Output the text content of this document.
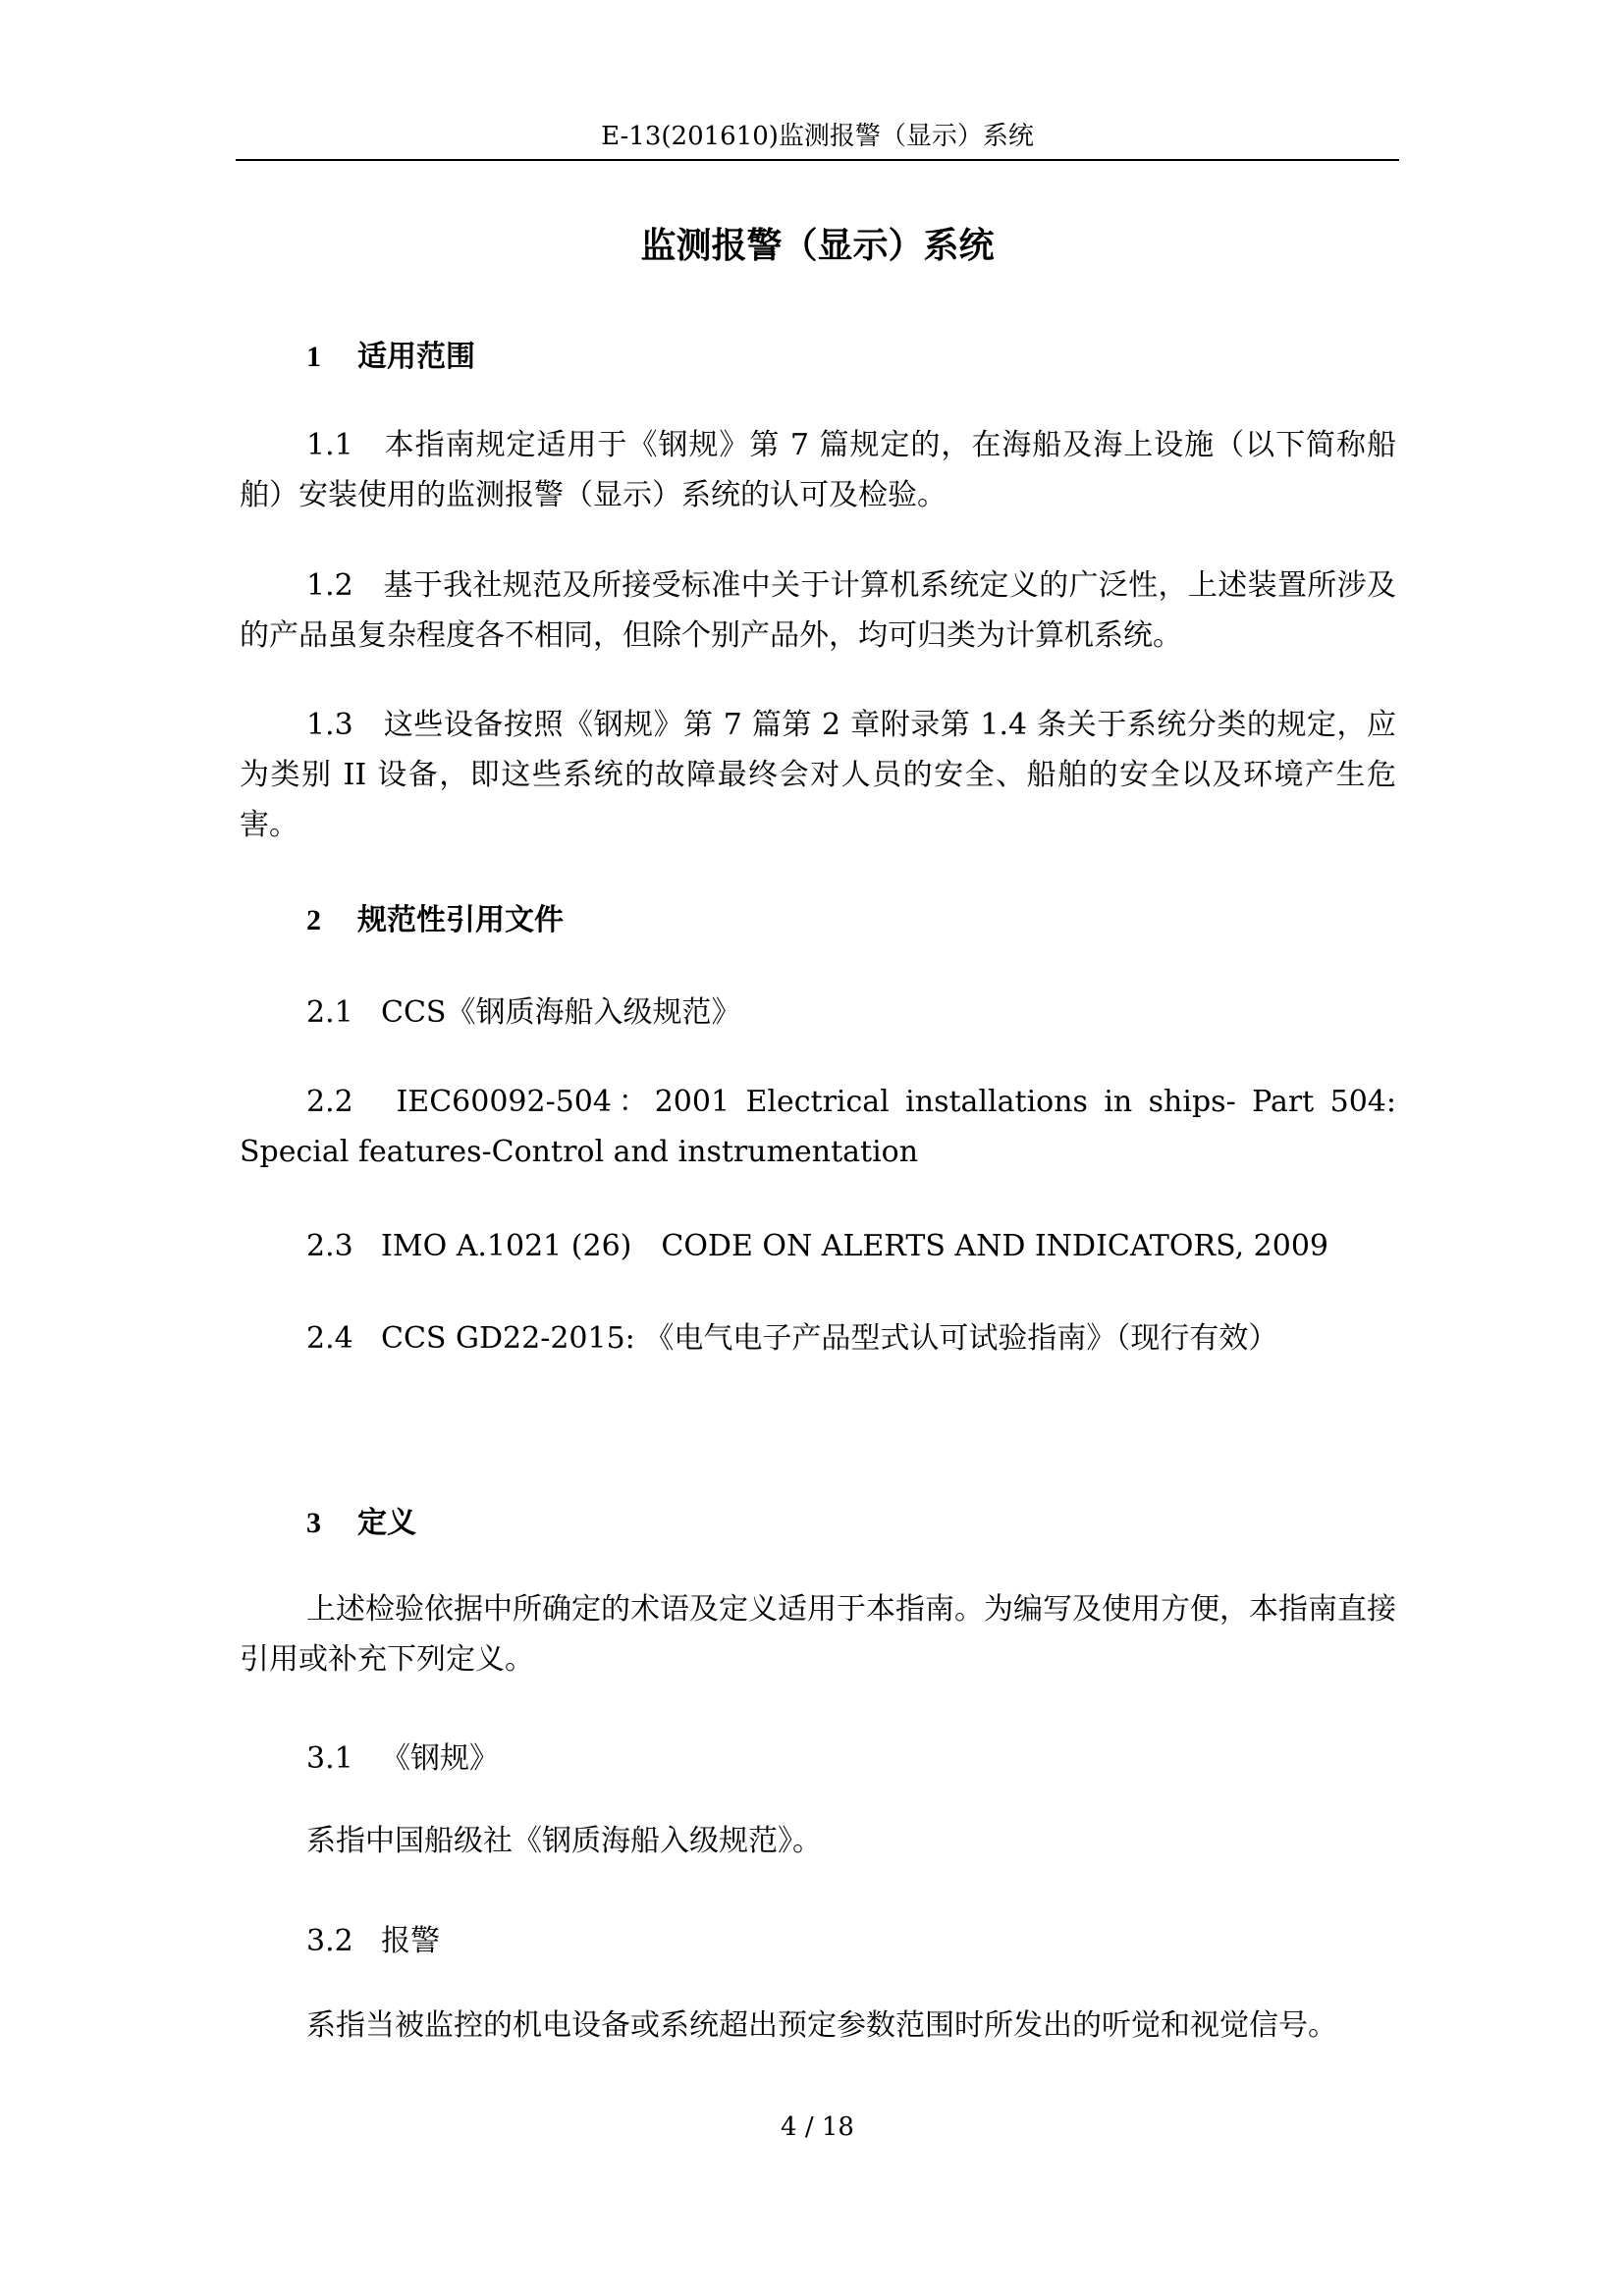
E-13(201610)监测报警（显示）系统
监测报警（显示）系统
1 适用范围
1.1　本指南规定适用于《钢规》第 7 篇规定的，在海船及海上设施（以下简称船舶）安装使用的监测报警（显示）系统的认可及检验。
1.2　基于我社规范及所接受标准中关于计算机系统定义的广泛性，上述装置所涉及的产品虽复杂程度各不相同，但除个别产品外，均可归类为计算机系统。
1.3　这些设备按照《钢规》第 7 篇第 2 章附录第 1.4 条关于系统分类的规定，应为类别 II 设备，即这些系统的故障最终会对人员的安全、船舶的安全以及环境产生危害。
2 规范性引用文件
2.1 CCS《钢质海船入级规范》
2.2　IEC60092-504：2001 Electrical installations in ships- Part 504: Special features-Control and instrumentation
2.3 IMO A.1021 (26)　CODE ON ALERTS AND INDICATORS, 2009
2.4 CCS GD22-2015: 《电气电子产品型式认可试验指南》（现行有效）
3 定义
上述检验依据中所确定的术语及定义适用于本指南。为编写及使用方便，本指南直接引用或补充下列定义。
3.1 《钢规》
系指中国船级社《钢质海船入级规范》。
3.2 报警
系指当被监控的机电设备或系统超出预定参数范围时所发出的听觉和视觉信号。
4 / 18
